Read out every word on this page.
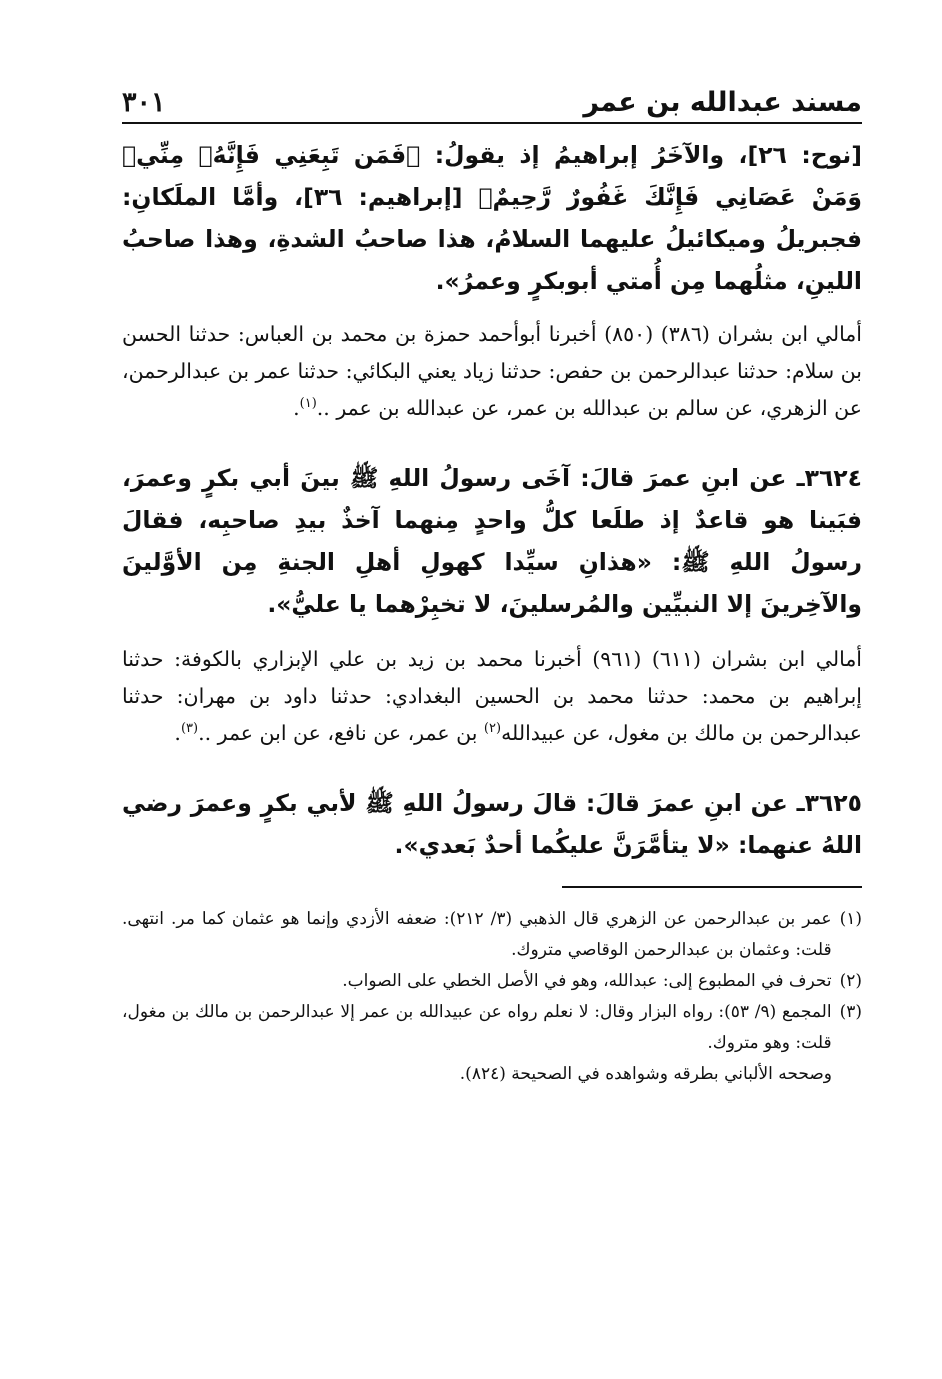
مسند عبدالله بن عمر
٣٠١

[نوح: ٢٦]، والآخَرُ إبراهيمُ إذ يقولُ: ﴿فَمَن تَبِعَنِي فَإِنَّهُۥ مِنِّيۖ وَمَنْ عَصَانِي فَإِنَّكَ غَفُورٌ رَّحِيمٌ﴾ [إبراهيم: ٣٦]، وأمَّا الملَكانِ: فجبريلُ وميكائيلُ عليهما السلامُ، هذا صاحبُ الشدةِ، وهذا صاحبُ اللينِ، مثلُهما مِن أُمتي أبوبكرٍ وعمرُ».

أمالي ابن بشران (٣٨٦) (٨٥٠) أخبرنا أبوأحمد حمزة بن محمد بن العباس: حدثنا الحسن بن سلام: حدثنا عبدالرحمن بن حفص: حدثنا زياد يعني البكائي: حدثنا عمر بن عبدالرحمن، عن الزهري، عن سالم بن عبدالله بن عمر، عن عبدالله بن عمر ..$^{(١)}$.

٣٦٢٤ـ عن ابنِ عمرَ قالَ: آخَى رسولُ اللهِ ﷺ بينَ أبي بكرٍ وعمرَ، فبَينا هو قاعدٌ إذ طلَعا كلُّ واحدٍ مِنهما آخذٌ بيدِ صاحبِه، فقالَ رسولُ اللهِ ﷺ: «هذانِ سيِّدا كهولِ أهلِ الجنةِ مِن الأوَّلينَ والآخِرينَ إلا النبيِّين والمُرسلينَ، لا تخبِرْهما يا عليُّ».

أمالي ابن بشران (٦١١) (٩٦١) أخبرنا محمد بن زيد بن علي الإبزاري بالكوفة: حدثنا إبراهيم بن محمد: حدثنا محمد بن الحسين البغدادي: حدثنا داود بن مهران: حدثنا عبدالرحمن بن مالك بن مغول، عن عبيدالله$^{(٢)}$ بن عمر، عن نافع، عن ابن عمر ..$^{(٣)}$.

٣٦٢٥ـ عن ابنِ عمرَ قالَ: قالَ رسولُ اللهِ ﷺ لأبي بكرٍ وعمرَ رضي اللهُ عنهما: «لا يتأمَّرَنَّ عليكُما أحدٌ بَعدي».

(١)
عمر بن عبدالرحمن عن الزهري قال الذهبي (٣/ ٢١٢): ضعفه الأزدي وإنما هو عثمان كما مر. انتهى. قلت: وعثمان بن عبدالرحمن الوقاصي متروك.

(٢)
تحرف في المطبوع إلى: عبدالله، وهو في الأصل الخطي على الصواب.

(٣)
المجمع (٩/ ٥٣): رواه البزار وقال: لا نعلم رواه عن عبيدالله بن عمر إلا عبدالرحمن بن مالك بن مغول، قلت: وهو متروك.

وصححه الألباني بطرقه وشواهده في الصحيحة (٨٢٤).
